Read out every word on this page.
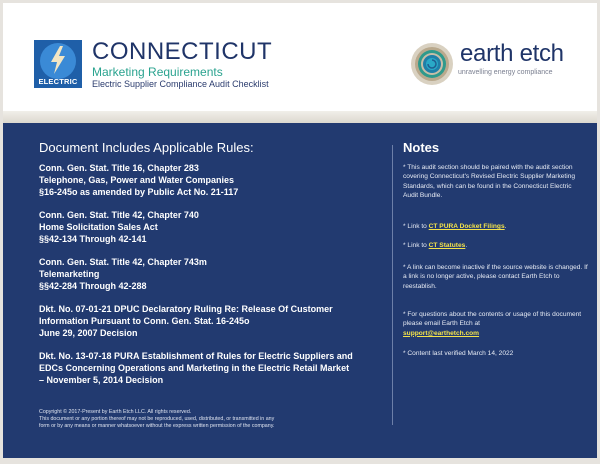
ELECTRIC
CONNECTICUT
Marketing Requirements
Electric Supplier Compliance Audit Checklist
earth etch
unravelling energy compliance
Document Includes Applicable Rules:
Conn. Gen. Stat. Title 16, Chapter 283
Telephone, Gas, Power and Water Companies
§16-245o as amended by Public Act No. 21-117
Conn. Gen. Stat. Title 42, Chapter 740
Home Solicitation Sales Act
§§42-134 Through 42-141
Conn. Gen. Stat. Title 42, Chapter 743m
Telemarketing
§§42-284 Through 42-288
Dkt. No. 07-01-21 DPUC Declaratory Ruling Re: Release Of Customer
Information Pursuant to Conn. Gen. Stat. 16-245o
June 29, 2007 Decision
Dkt. No. 13-07-18 PURA Establishment of Rules for Electric Suppliers and
EDCs Concerning Operations and Marketing in the Electric Retail Market
– November 5, 2014 Decision
Copyright © 2017-Present by Earth Etch LLC. All rights reserved.
This document or any portion thereof may not be reproduced, used, distributed, or transmitted in any
form or by any means or manner whatsoever without the express written permission of the company.
Notes
* This audit section should be paired with the audit section covering Connecticut's Revised Electric Supplier Marketing Standards, which can be found in the Connecticut Electric Audit Bundle.
* Link to CT PURA Docket Filings.
* Link to CT Statutes.
* A link can become inactive if the source website is changed. If a link is no longer active, please contact Earth Etch to reestablish.
* For questions about the contents or usage of this document please email Earth Etch at
support@earthetch.com
* Content last verified March 14, 2022
